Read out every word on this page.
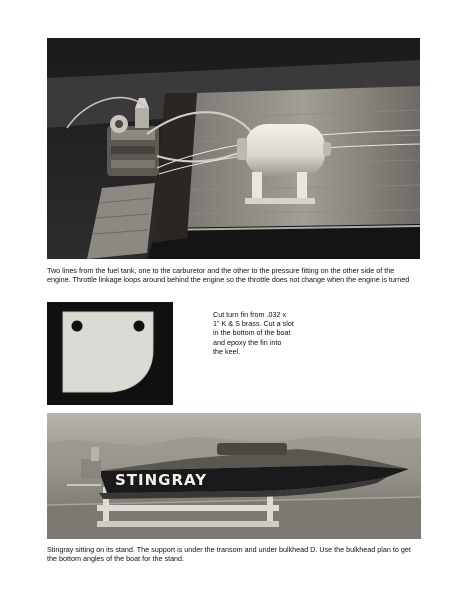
Two lines from the fuel tank, one to the carburetor and the other to the pressure fitting on the other side of the engine. Throttle linkage loops around behind the engine so the throttle does not change when the engine is turned

Cut turn fin from .032 x
1" K & S brass. Cut a slot
in the bottom of the boat
and epoxy the fin into
the keel.

STINGRAY

Stingray sitting on its stand. The support is under the transom and under bulkhead D. Use the bulkhead plan to get the bottom angles of the boat for the stand.
